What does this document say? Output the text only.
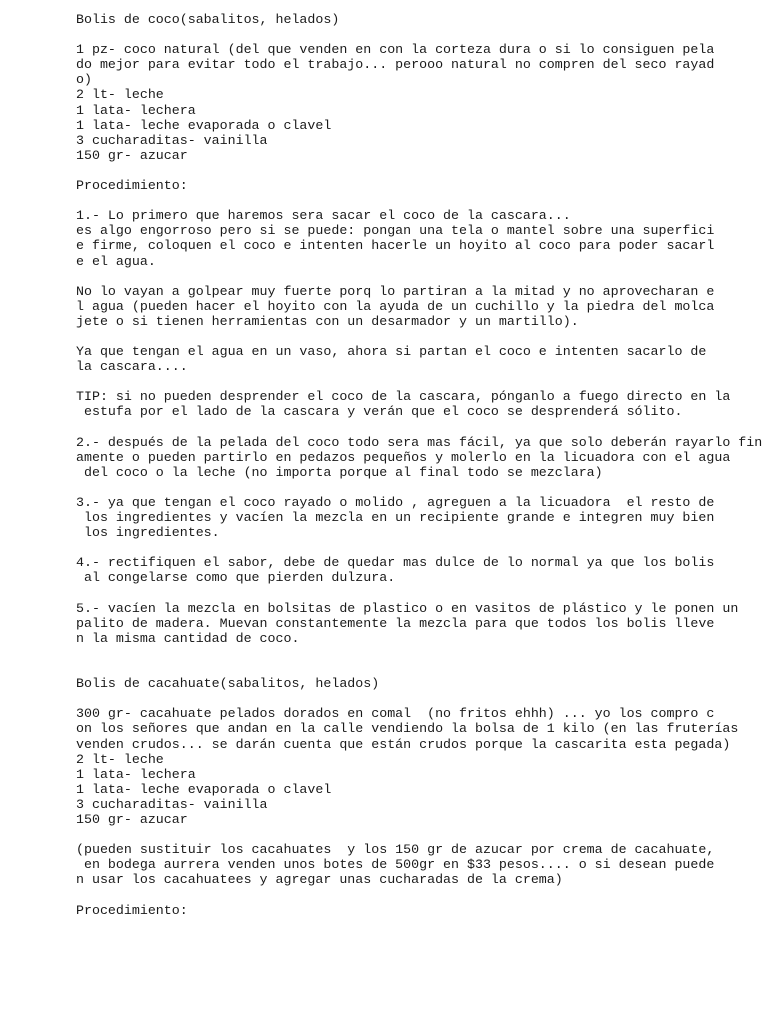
Bolis de coco(sabalitos, helados)
1 pz- coco natural (del que venden en con la corteza dura o si lo consiguen pela
do mejor para evitar todo el trabajo... perooo natural no compren del seco rayad
o)
2 lt- leche
1 lata- lechera
1 lata- leche evaporada o clavel
3 cucharaditas- vainilla
150 gr- azucar
Procedimiento:
1.- Lo primero que haremos sera sacar el coco de la cascara...
es algo engorroso pero si se puede: pongan una tela o mantel sobre una superfici
e firme, coloquen el coco e intenten hacerle un hoyito al coco para poder sacarl
e el agua.
No lo vayan a golpear muy fuerte porq lo partiran a la mitad y no aprovecharan e
l agua (pueden hacer el hoyito con la ayuda de un cuchillo y la piedra del molca
jete o si tienen herramientas con un desarmador y un martillo).
Ya que tengan el agua en un vaso, ahora si partan el coco e intenten sacarlo de
la cascara....
TIP: si no pueden desprender el coco de la cascara, pónganlo a fuego directo en la
estufa por el lado de la cascara y verán que el coco se desprenderá sólito.
2.- después de la pelada del coco todo sera mas fácil, ya que solo deberán rayarlo fin
amente o pueden partirlo en pedazos pequeños y molerlo en la licuadora con el agua
del coco o la leche (no importa porque al final todo se mezclara)
3.- ya que tengan el coco rayado o molido , agreguen a la licuadora  el resto de
los ingredientes y vacíen la mezcla en un recipiente grande e integren muy bien
los ingredientes.
4.- rectifiquen el sabor, debe de quedar mas dulce de lo normal ya que los bolis
al congelarse como que pierden dulzura.
5.- vacíen la mezcla en bolsitas de plastico o en vasitos de plástico y le ponen un
palito de madera. Muevan constantemente la mezcla para que todos los bolis lleve
n la misma cantidad de coco.
Bolis de cacahuate(sabalitos, helados)
300 gr- cacahuate pelados dorados en comal  (no fritos ehhh) ... yo los compro c
on los señores que andan en la calle vendiendo la bolsa de 1 kilo (en las fruterías
venden crudos... se darán cuenta que están crudos porque la cascarita esta pegada)
2 lt- leche
1 lata- lechera
1 lata- leche evaporada o clavel
3 cucharaditas- vainilla
150 gr- azucar
(pueden sustituir los cacahuates  y los 150 gr de azucar por crema de cacahuate,
en bodega aurrera venden unos botes de 500gr en $33 pesos.... o si desean puede
n usar los cacahuatees y agregar unas cucharadas de la crema)
Procedimiento:
